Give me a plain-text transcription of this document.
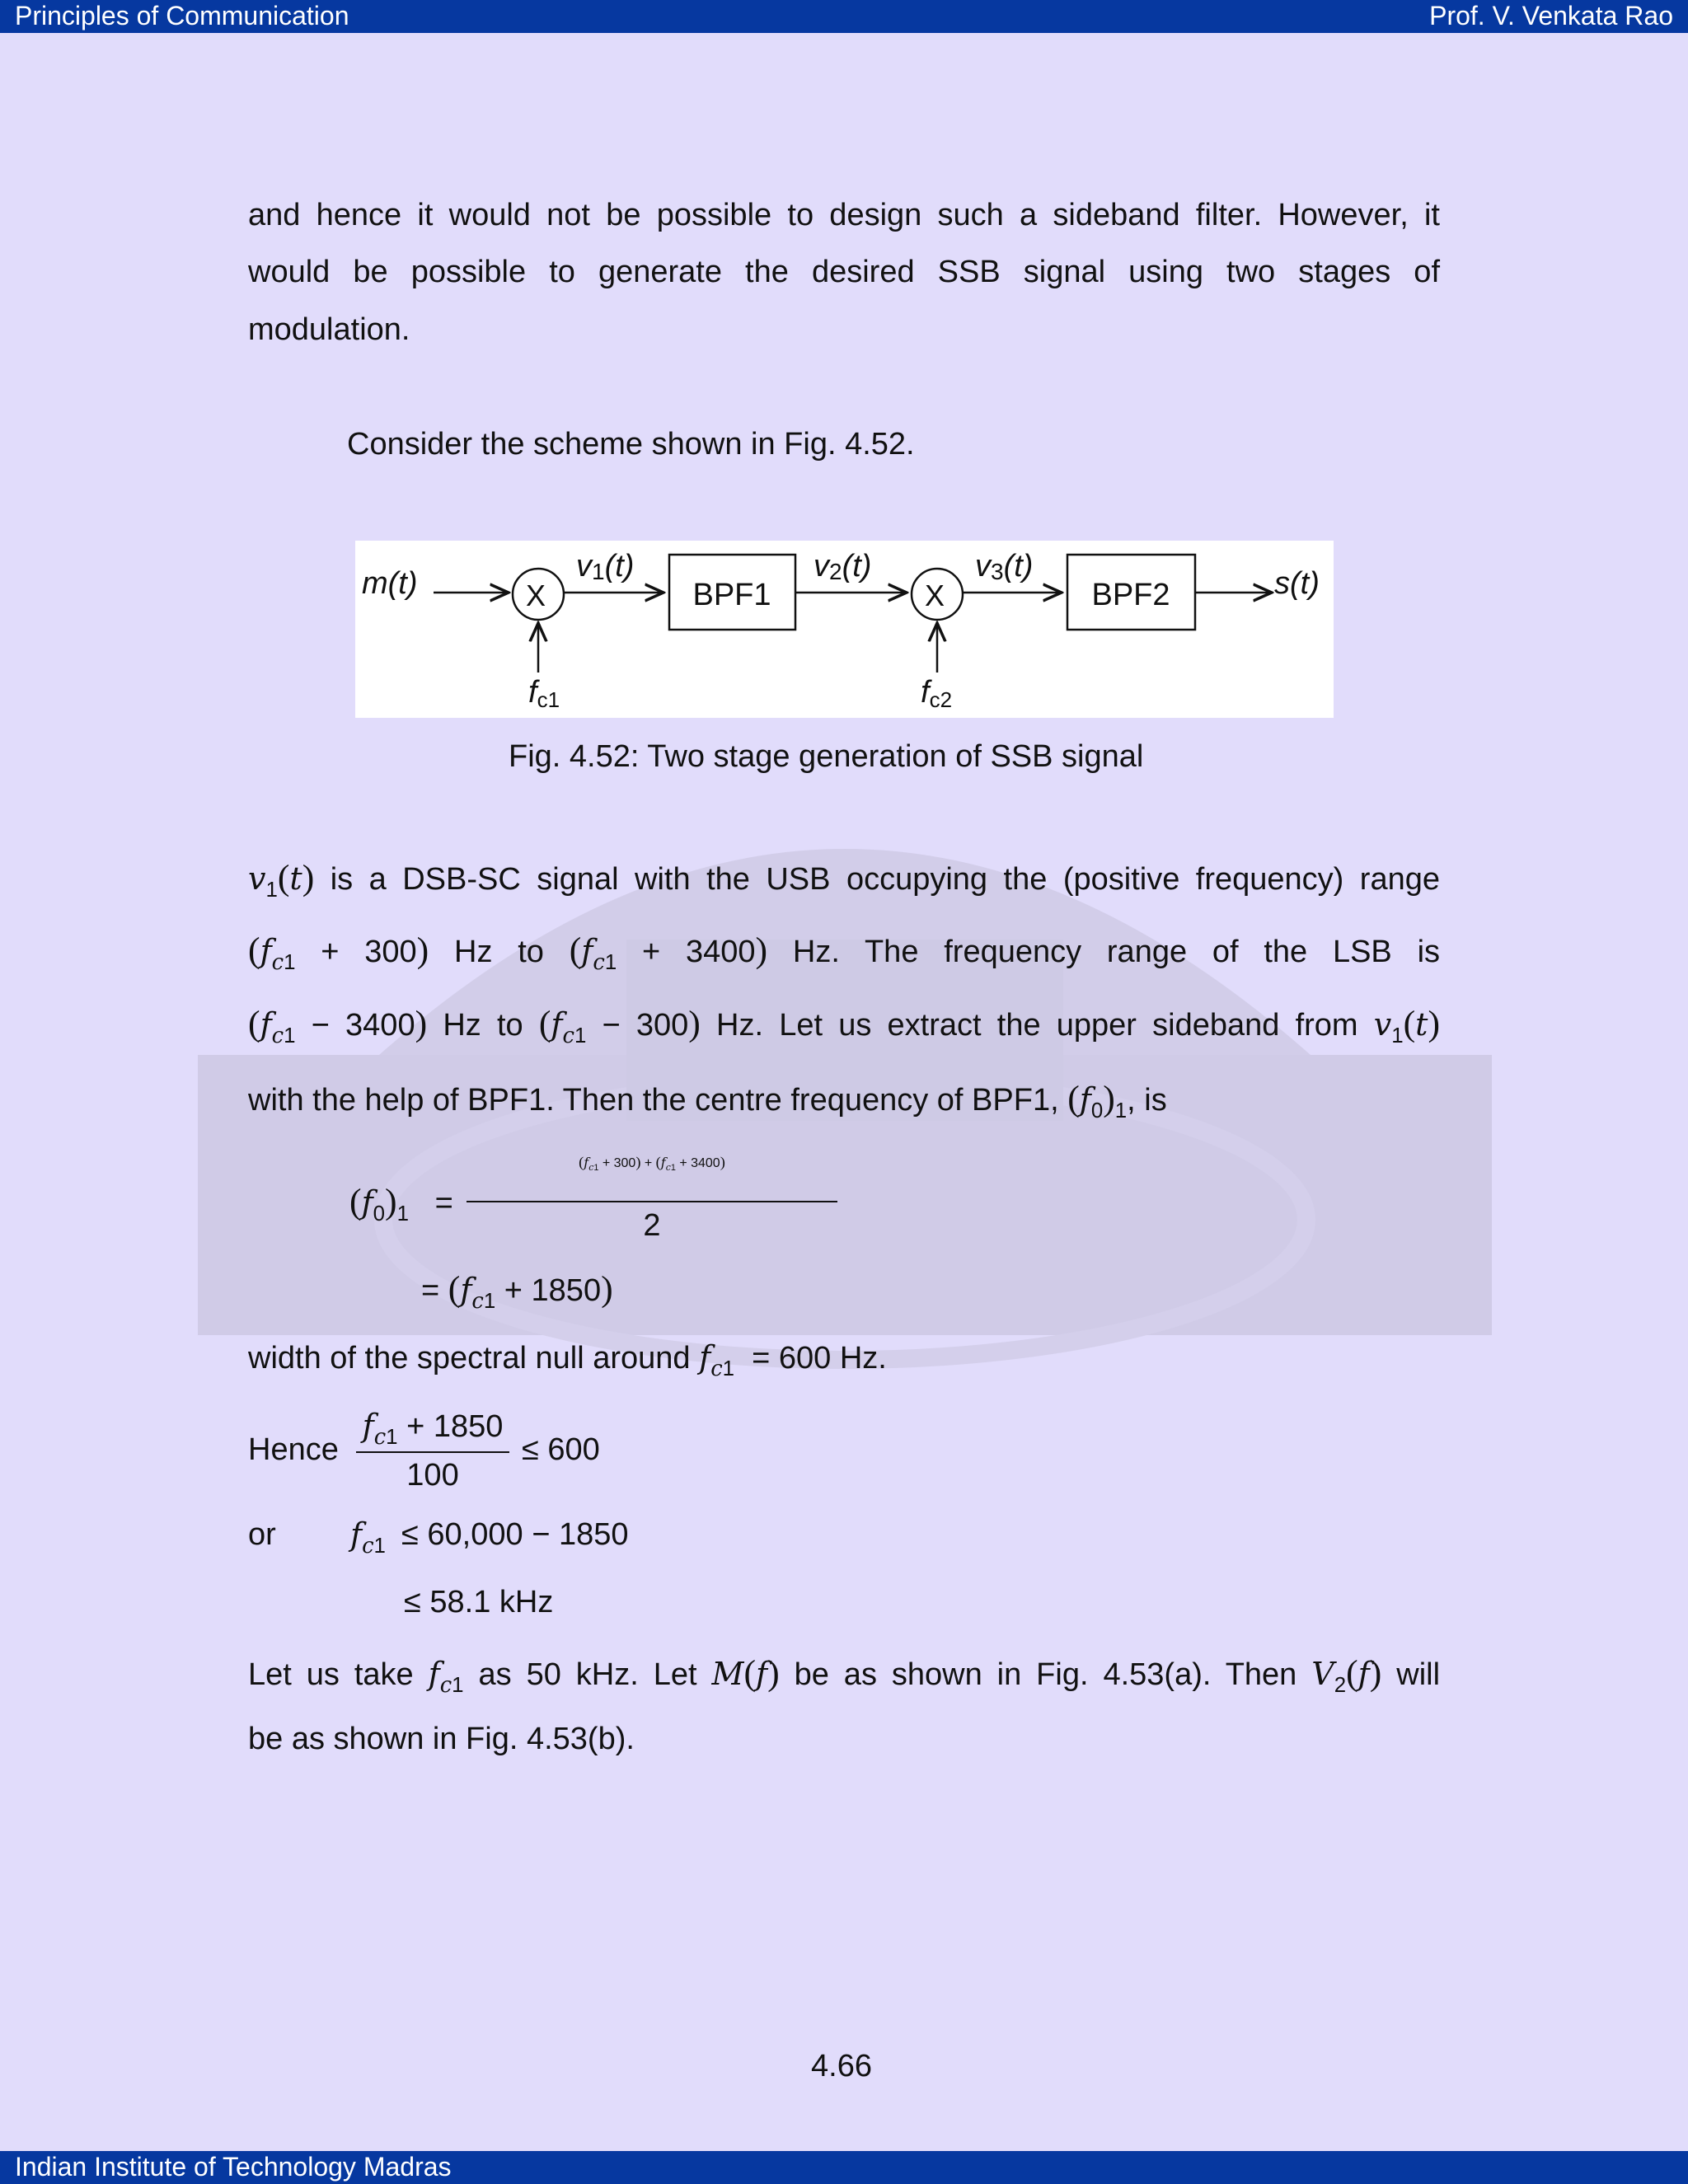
Principles of Communication	Prof. V. Venkata Rao
Indian Institute of Technology Madras
and hence it would not be possible to design such a sideband filter. However, it
would be possible to generate the desired SSB signal using two stages of
modulation.
Consider the scheme shown in Fig. 4.52.
m(t)	X
fc1
v1(t)
BPF1
v2(t)
X
fc2
v3(t)
BPF2	s(t)
Fig. 4.52: Two stage generation of SSB signal
$v_1(t)$ is a DSB-SC signal with the USB occupying the (positive frequency) range
$(f_{c1} + 300)$ Hz to $(f_{c1} + 3400)$ Hz. The frequency range of the LSB is
$(f_{c1} - 3400)$ Hz to $(f_{c1} - 300)$ Hz. Let us extract the upper sideband from $v_1(t)$
with the help of BPF1. Then the centre frequency of BPF1, $(f_0)_1$, is
$(f_0)_1$   =
$(f_{c1} + 300) + (f_{c1} + 3400)$
2
= $(f_{c1} + 1850)$
width of the spectral null around $f_{c1} = 600$ Hz.
Hence
$f_{c1} + 1850$
100
≤ 600
or $f_{c1} \le 60,000 - 1850$
≤ 58.1 kHz
Let us take $f_{c1}$ as 50 kHz. Let M(f) be as shown in Fig. 4.53(a). Then $V_2(f)$ will
be as shown in Fig. 4.53(b).
4.66
